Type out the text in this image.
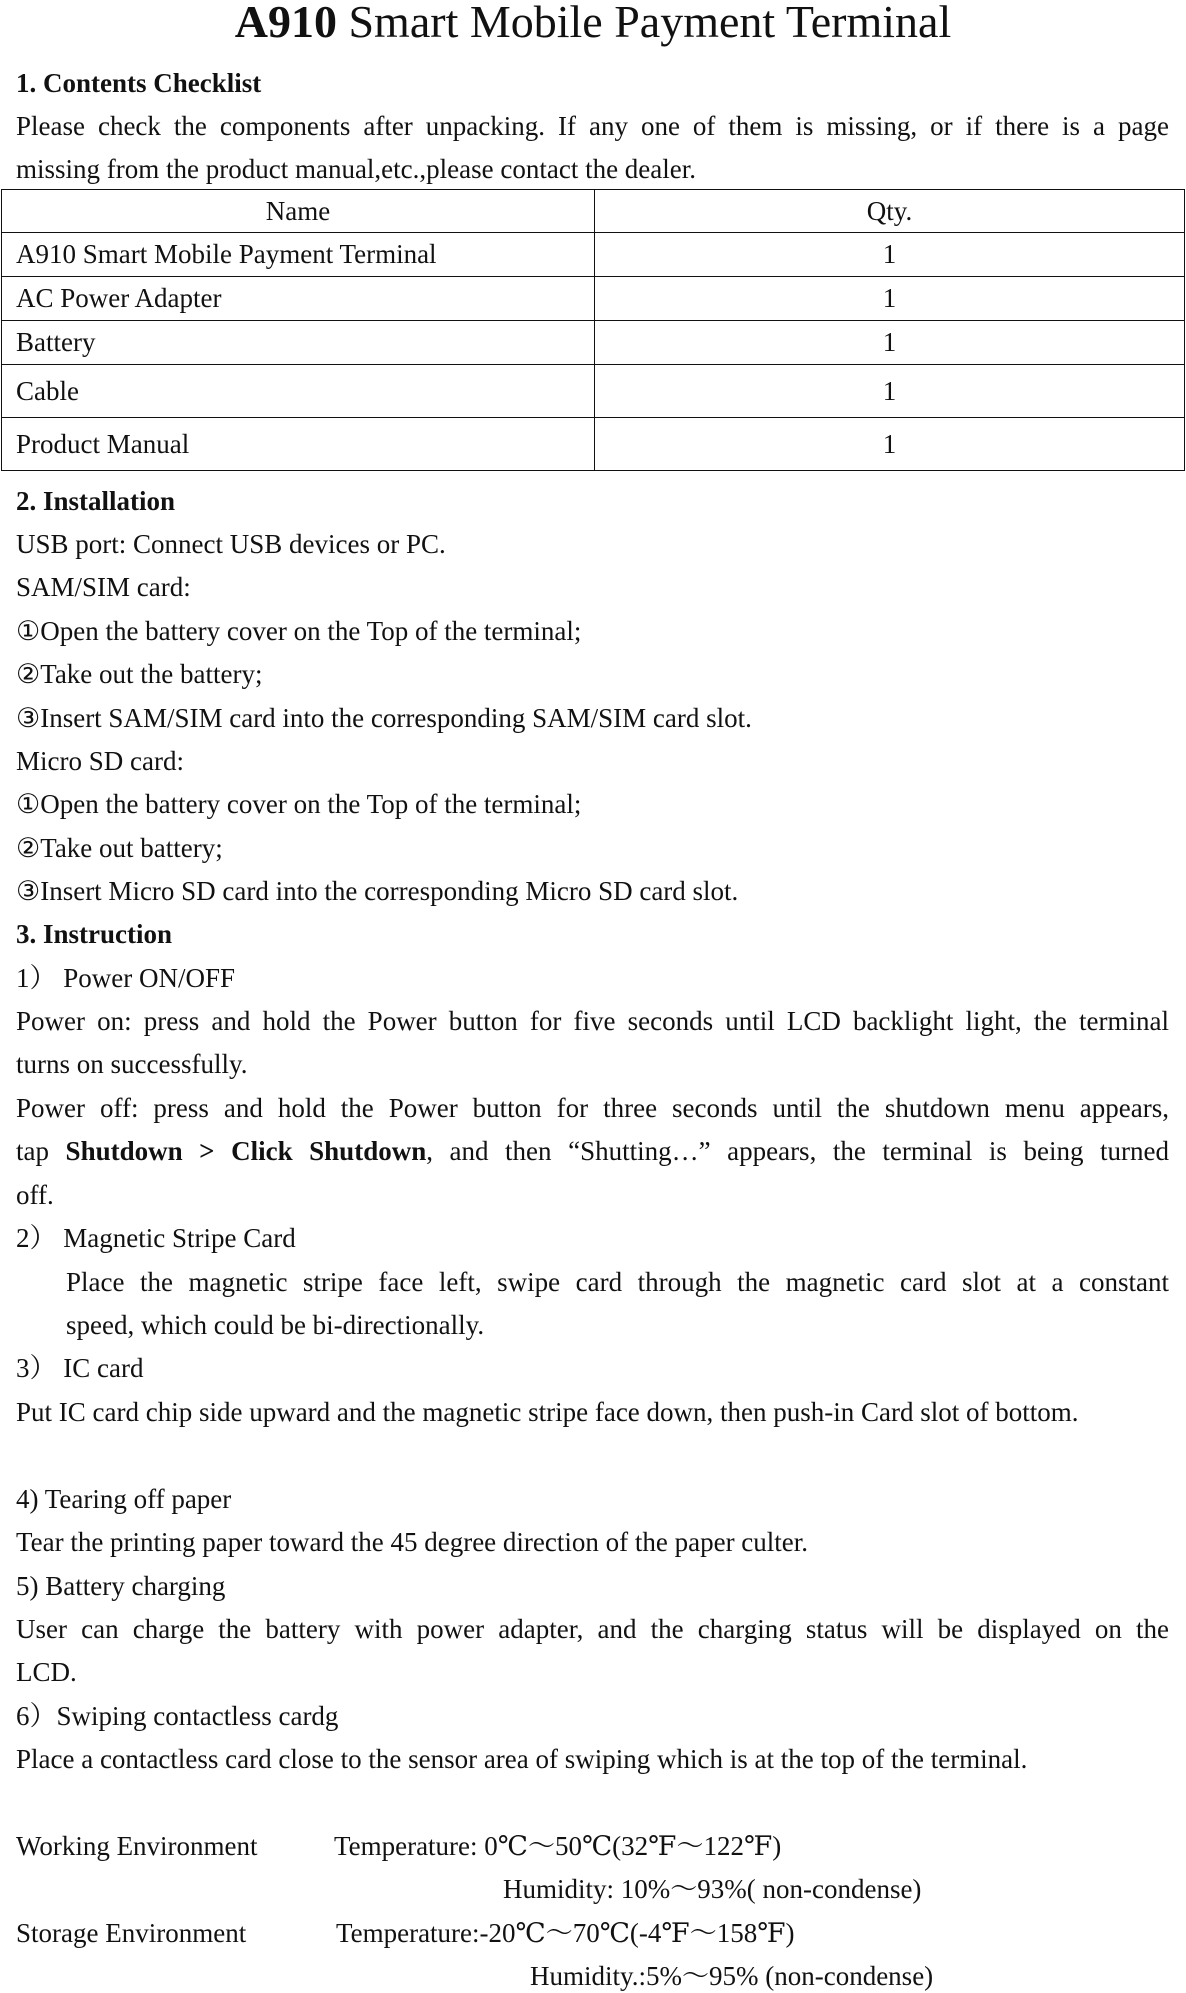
A910 Smart Mobile Payment Terminal
1. Contents Checklist
Please check the components after unpacking. If any one of them is missing, or if there is a page
missing from the product manual,etc.,please contact the dealer.
Name	Qty.
A910 Smart Mobile Payment Terminal	1
AC Power Adapter	1
Battery	1
Cable	1
Product Manual	1
2. Installation
USB port: Connect USB devices or PC.
SAM/SIM card:
①Open the battery cover on the Top of the terminal;
②Take out the battery;
③Insert SAM/SIM card into the corresponding SAM/SIM card slot.
Micro SD card:
①Open the battery cover on the Top of the terminal;
②Take out battery;
③Insert Micro SD card into the corresponding Micro SD card slot.
3. Instruction
1） Power ON/OFF
Power on: press and hold the Power button for five seconds until LCD backlight light, the terminal
turns on successfully.
Power off: press and hold the Power button for three seconds until the shutdown menu appears,
tap Shutdown > Click Shutdown, and then “Shutting…” appears, the terminal is being turned
off.
2） Magnetic Stripe Card
Place the magnetic stripe face left, swipe card through the magnetic card slot at a constant
speed, which could be bi-directionally.
3） IC card
Put IC card chip side upward and the magnetic stripe face down, then push-in Card slot of bottom.
4) Tearing off paper
Tear the printing paper toward the 45 degree direction of the paper culter.
5) Battery charging
User can charge the battery with power adapter, and the charging status will be displayed on the
LCD.
6）Swiping contactless cardg
Place a contactless card close to the sensor area of swiping which is at the top of the terminal.
Working Environment	Temperature: 0℃～50℃(32℉～122℉)
Humidity: 10%～93%( non-condense)
Storage Environment	Temperature:-20℃～70℃(-4℉～158℉)
Humidity.:5%～95% (non-condense)
